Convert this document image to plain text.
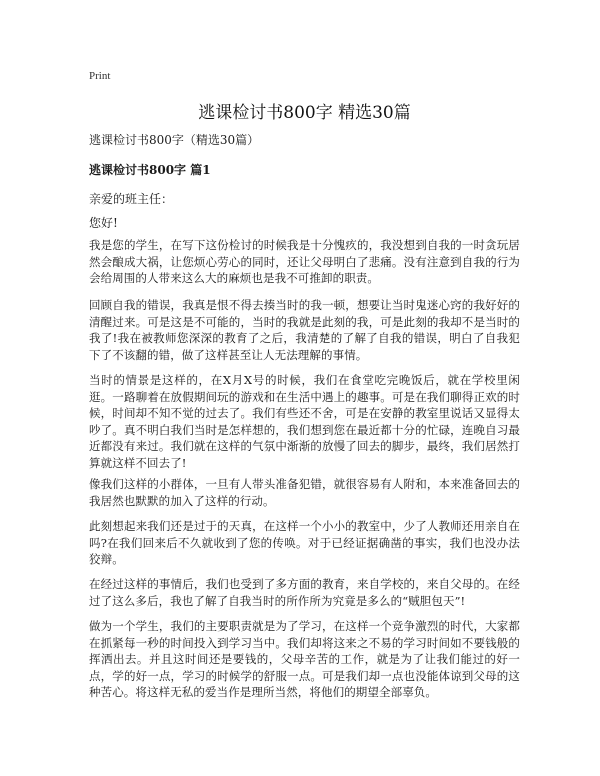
Print
逃课检讨书800字 精选30篇

逃课检讨书800字（精选30篇）

逃课检讨书800字 篇1

亲爱的班主任：

您好!

我是您的学生，在写下这份检讨的时候我是十分愧疚的，我没想到自我的一时贪玩居然会酿成大祸，让您烦心劳心的同时，还让父母明白了悲痛。没有注意到自我的行为会给周围的人带来这么大的麻烦也是我不可推卸的职责。

回顾自我的错误，我真是恨不得去揍当时的我一顿，想要让当时鬼迷心窍的我好好的清醒过来。可是这是不可能的，当时的我就是此刻的我，可是此刻的我却不是当时的我了!我在被教师您深深的教育了之后，我清楚的了解了自我的错误，明白了自我犯下了不该翻的错，做了这样甚至让人无法理解的事情。

当时的情景是这样的，在X月X号的时候，我们在食堂吃完晚饭后，就在学校里闲逛。一路聊着在放假期间玩的游戏和在生活中遇上的趣事。可是在我们聊得正欢的时候，时间却不知不觉的过去了。我们有些还不舍，可是在安静的教室里说话又显得太吵了。真不明白我们当时是怎样想的，我们想到您在最近都十分的忙碌，连晚自习最近都没有来过。我们就在这样的气氛中渐渐的放慢了回去的脚步，最终，我们居然打算就这样不回去了!

像我们这样的小群体，一旦有人带头准备犯错，就很容易有人附和，本来准备回去的我居然也默默的加入了这样的行动。

此刻想起来我们还是过于的天真，在这样一个小小的教室中，少了人教师还用亲自在吗?在我们回来后不久就收到了您的传唤。对于已经证据确凿的事实，我们也没办法狡辩。

在经过这样的事情后，我们也受到了多方面的教育，来自学校的，来自父母的。在经过了这么多后，我也了解了自我当时的所作所为究竟是多么的“贼胆包天”!

做为一个学生，我们的主要职责就是为了学习，在这样一个竞争激烈的时代，大家都在抓紧每一秒的时间投入到学习当中。我们却将这来之不易的学习时间如不要钱般的挥洒出去。并且这时间还是要钱的，父母辛苦的工作，就是为了让我们能过的好一点，学的好一点，学习的时候学的舒服一点。可是我们却一点也没能体谅到父母的这种苦心。将这样无私的爱当作是理所当然，将他们的期望全部辜负。
